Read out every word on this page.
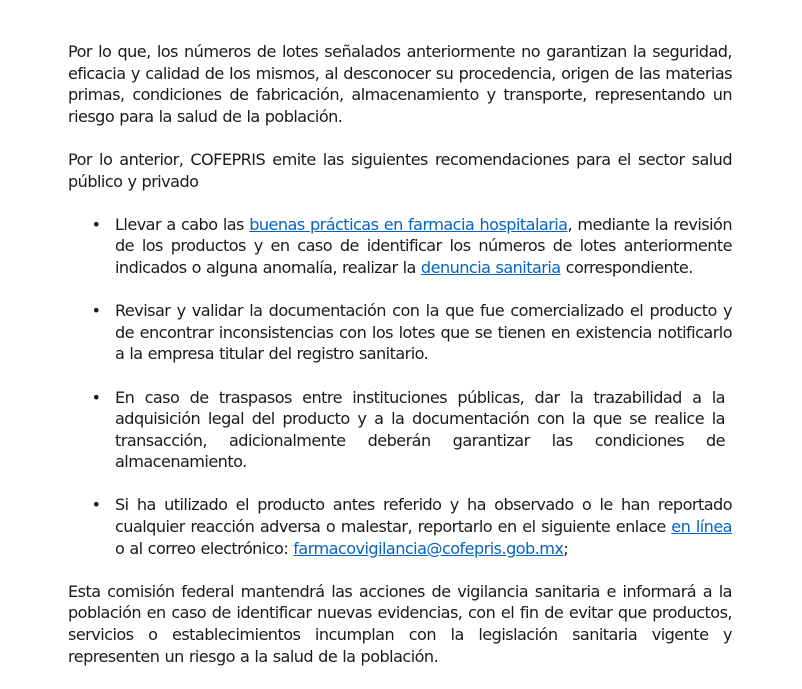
Por lo que, los números de lotes señalados anteriormente no garantizan la seguridad, eficacia y calidad de los mismos, al desconocer su procedencia, origen de las materias primas, condiciones de fabricación, almacenamiento y transporte, representando un riesgo para la salud de la población.

Por lo anterior, COFEPRIS emite las siguientes recomendaciones para el sector salud público y privado

• Llevar a cabo las buenas prácticas en farmacia hospitalaria, mediante la revisión de los productos y en caso de identificar los números de lotes anteriormente indicados o alguna anomalía, realizar la denuncia sanitaria correspondiente.
• Revisar y validar la documentación con la que fue comercializado el producto y de encontrar inconsistencias con los lotes que se tienen en existencia notificarlo a la empresa titular del registro sanitario.
• En caso de traspasos entre instituciones públicas, dar la trazabilidad a la adquisición legal del producto y a la documentación con la que se realice la transacción, adicionalmente deberán garantizar las condiciones de almacenamiento.
• Si ha utilizado el producto antes referido y ha observado o le han reportado cualquier reacción adversa o malestar, reportarlo en el siguiente enlace en línea o al correo electrónico: farmacovigilancia@cofepris.gob.mx;

Esta comisión federal mantendrá las acciones de vigilancia sanitaria e informará a la población en caso de identificar nuevas evidencias, con el fin de evitar que productos, servicios o establecimientos incumplan con la legislación sanitaria vigente y representen un riesgo a la salud de la población.
